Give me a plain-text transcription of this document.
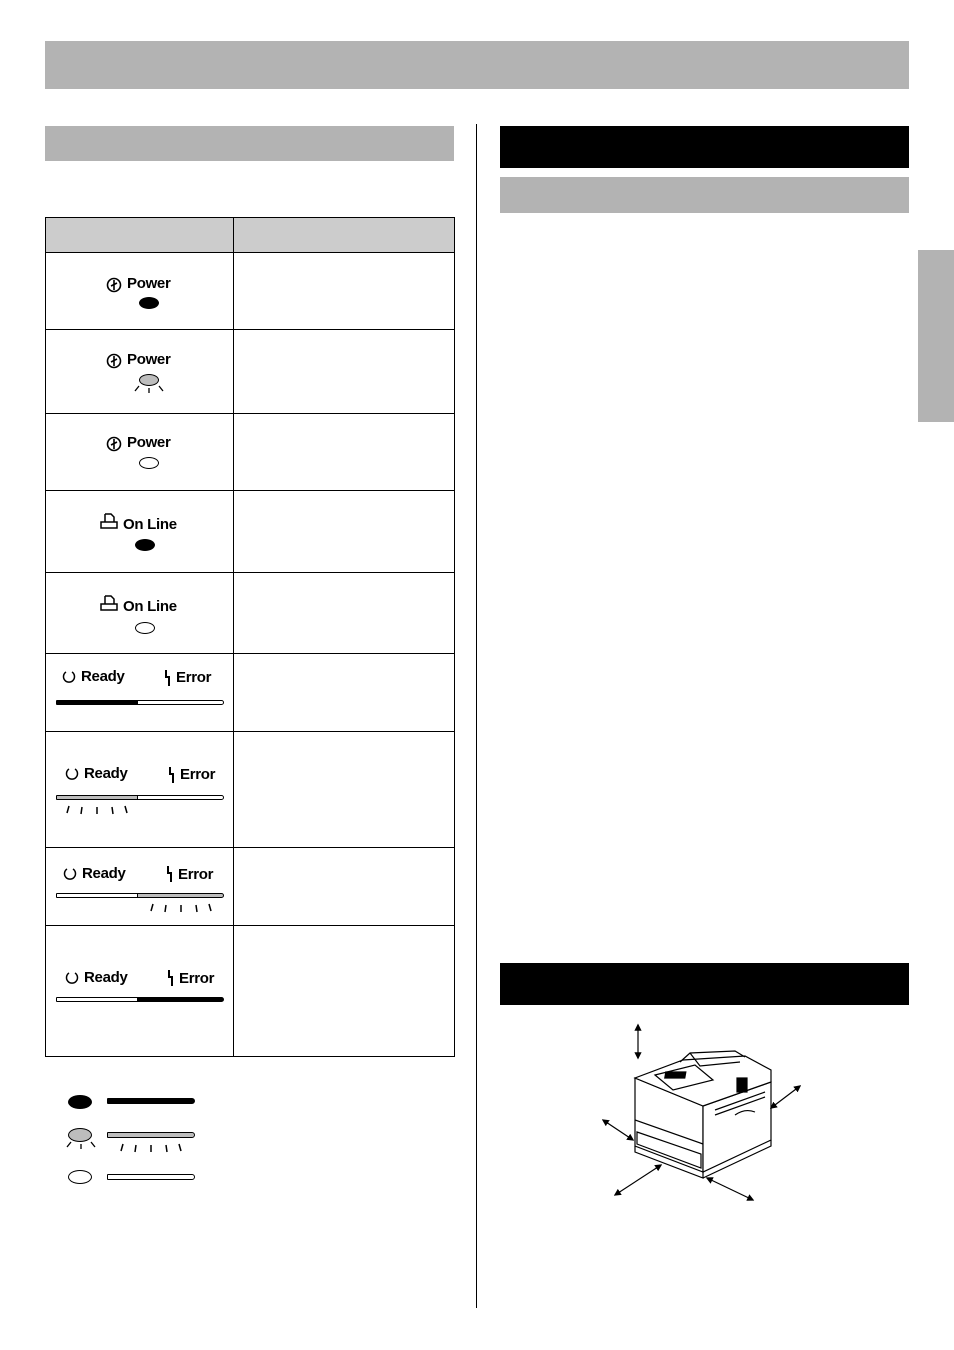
Power	

Power	

Power	

On Line	

On Line	

Ready Error	

Ready Error	

Ready Error	

Ready Error	
